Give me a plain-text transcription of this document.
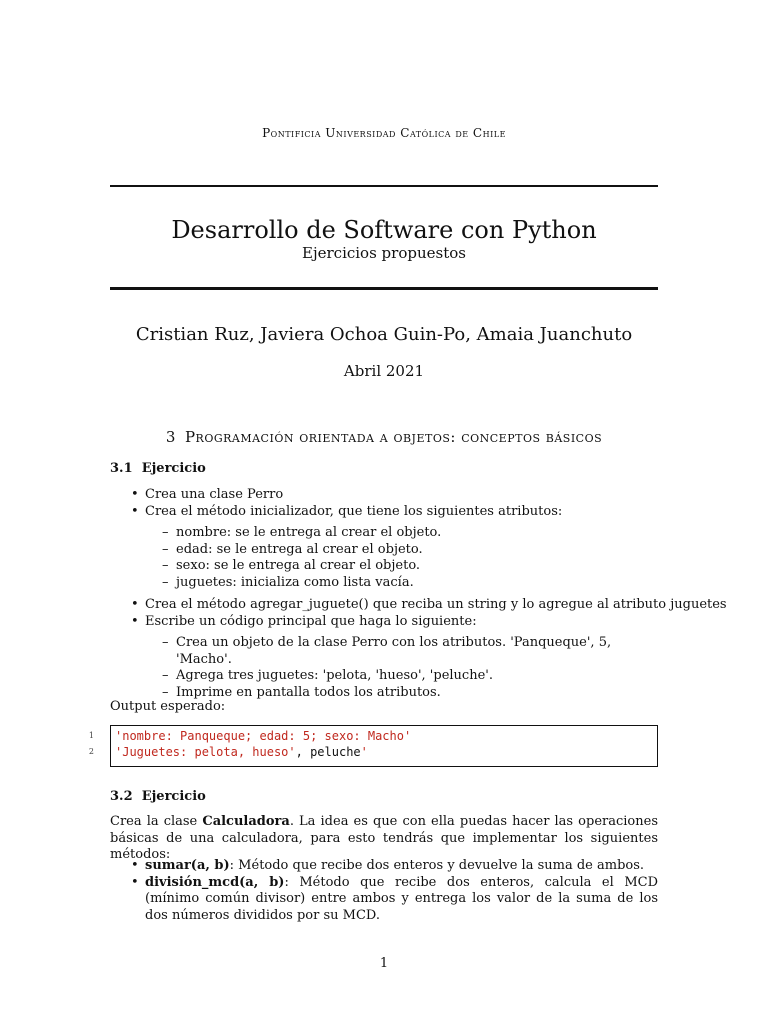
Pontificia Universidad Católica de Chile
Desarrollo de Software con Python
Ejercicios propuestos
Cristian Ruz, Javiera Ochoa Guin-Po, Amaia Juanchuto
Abril 2021
3 Programación orientada a objetos: conceptos básicos
3.1 Ejercicio
• Crea una clase Perro
• Crea el método inicializador, que tiene los siguientes atributos:
– nombre: se le entrega al crear el objeto.
– edad: se le entrega al crear el objeto.
– sexo: se le entrega al crear el objeto.
– juguetes: inicializa como lista vacía.
• Crea el método agregar_juguete() que reciba un string y lo agregue al atributo juguetes
• Escribe un código principal que haga lo siguiente:
– Crea un objeto de la clase Perro con los atributos. 'Panqueque', 5, 'Macho'.
– Agrega tres juguetes: 'pelota, 'hueso', 'peluche'.
– Imprime en pantalla todos los atributos.
Output esperado:
1 'nombre: Panqueque; edad: 5; sexo: Macho'
2 'Juguetes: pelota, hueso', peluche'
3.2 Ejercicio
Crea la clase Calculadora. La idea es que con ella puedas hacer las operaciones básicas de una calculadora, para esto tendrás que implementar los siguientes métodos:
• sumar(a, b): Método que recibe dos enteros y devuelve la suma de ambos.
• división_mcd(a, b): Método que recibe dos enteros, calcula el MCD (mínimo común divisor) entre ambos y entrega los valor de la suma de los dos números divididos por su MCD.
1
